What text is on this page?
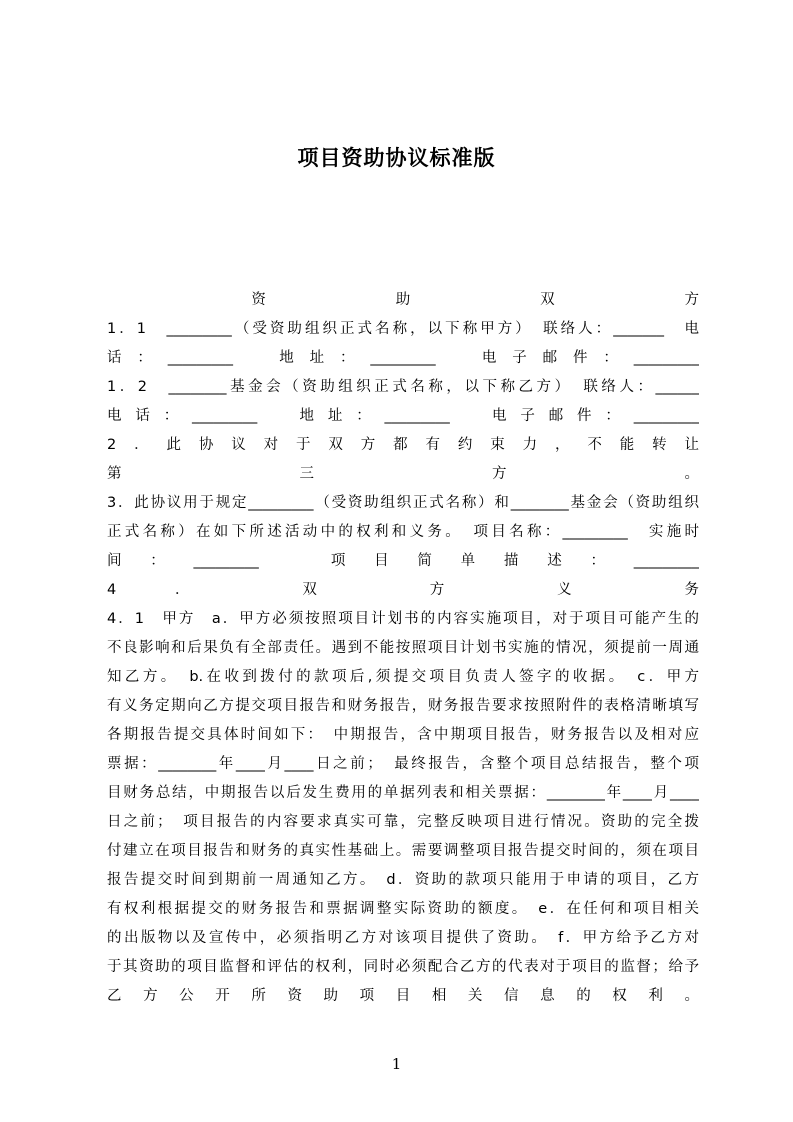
项目资助协议标准版
　 资 助 双 方
1．1　_________（受资助组织正式名称，以下称甲方）　联络人：_______　电
话：_________　地址：_________　电子邮件：_________
1．2　________基金会（资助组织正式名称，以下称乙方）　联络人：______
电话：_________　地址：_________　电子邮件：_________
2．此协议对于双方都有约束力，不能转让
第 三 方 。
3．此协议用于规定_________（受资助组织正式名称）和________基金会（资助组织
正式名称）在如下所述活动中的权利和义务。　项目名称：_________　实施时
间：_________　项目简单描述：_________
4 ． 双 方 义 务
4．1　甲方　a．甲方必须按照项目计划书的内容实施项目，对于项目可能产生的
不良影响和后果负有全部责任。遇到不能按照项目计划书实施的情况，须提前一周通
知乙方。　b.在收到拨付的款项后,须提交项目负责人签字的收据。　c．甲方
有义务定期向乙方提交项目报告和财务报告，财务报告要求按照附件的表格清晰填写
各期报告提交具体时间如下：　中期报告，含中期项目报告，财务报告以及相对应
票据：________年____月____日之前；　最终报告，含整个项目总结报告，整个项
目财务总结，中期报告以后发生费用的单据列表和相关票据：________年____月____
日之前；　项目报告的内容要求真实可靠，完整反映项目进行情况。资助的完全拨
付建立在项目报告和财务的真实性基础上。需要调整项目报告提交时间的，须在项目
报告提交时间到期前一周通知乙方。　d．资助的款项只能用于申请的项目，乙方
有权利根据提交的财务报告和票据调整实际资助的额度。　e．在任何和项目相关
的出版物以及宣传中，必须指明乙方对该项目提供了资助。　f．甲方给予乙方对
于其资助的项目监督和评估的权利，同时必须配合乙方的代表对于项目的监督；给予
乙 方 公 开 所 资 助 项 目 相 关 信 息 的 权 利 。
1
